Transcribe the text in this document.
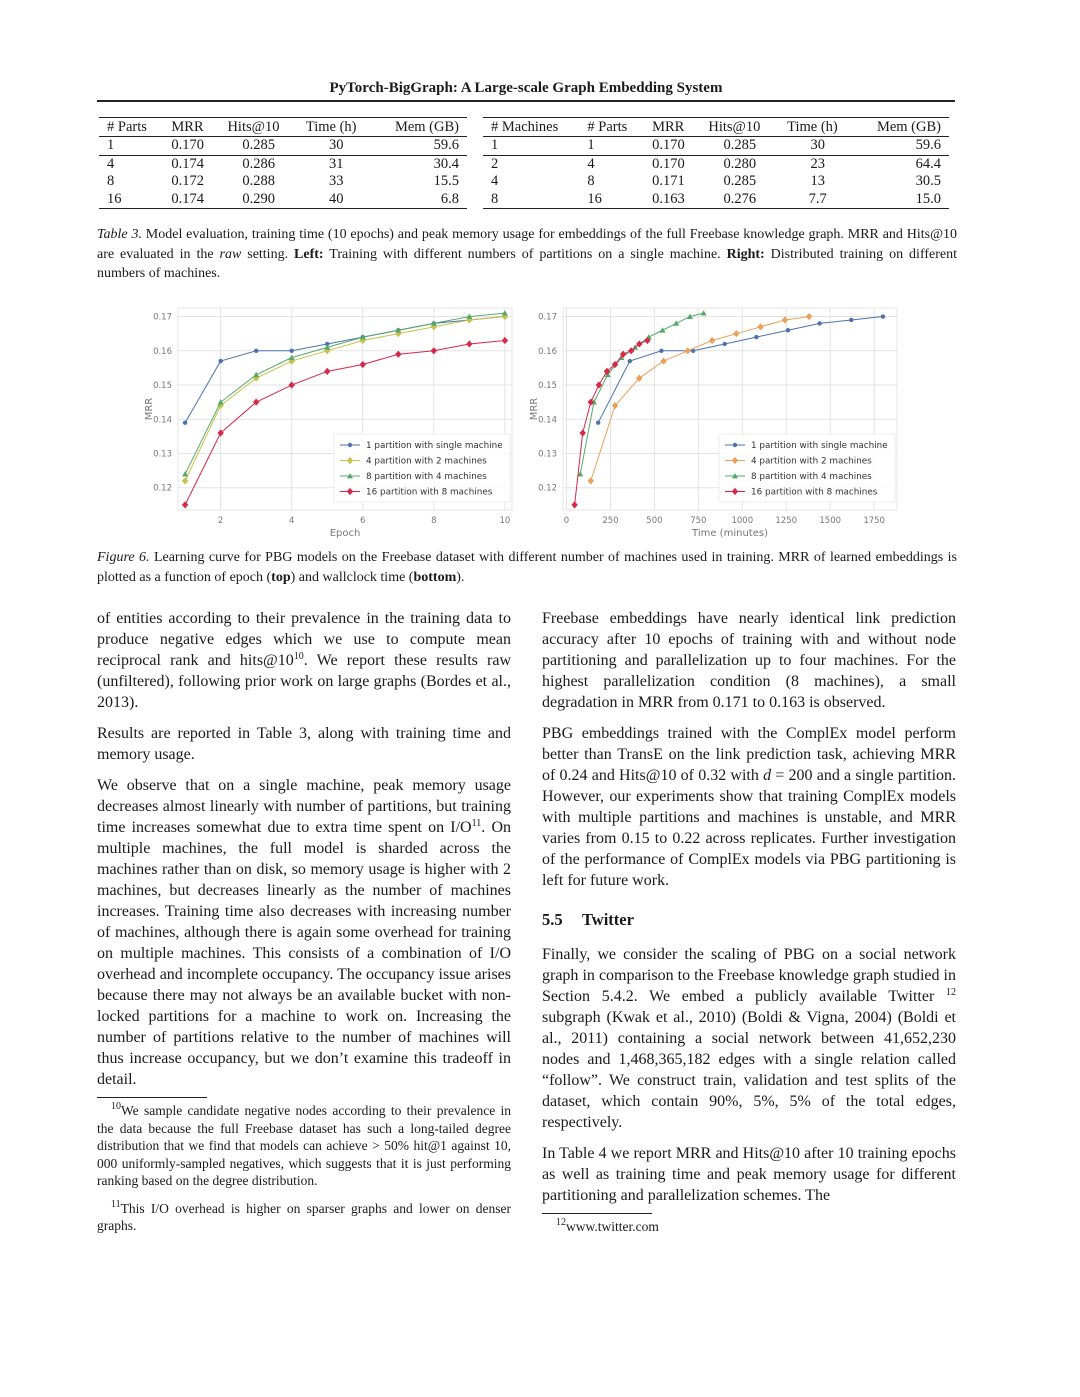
PyTorch-BigGraph: A Large-scale Graph Embedding System
# Parts	MRR	Hits@10	Time (h)	Mem (GB)
1	0.170	0.285	30	59.6
4	0.174	0.286	31	30.4
8	0.172	0.288	33	15.5
16	0.174	0.290	40	6.8
# Machines	# Parts	MRR	Hits@10	Time (h)	Mem (GB)
1	1	0.170	0.285	30	59.6
2	4	0.170	0.280	23	64.4
4	8	0.171	0.285	13	30.5
8	16	0.163	0.276	7.7	15.0
Table 3. Model evaluation, training time (10 epochs) and peak memory usage for embeddings of the full Freebase knowledge graph. MRR and Hits@10 are evaluated in the raw setting. Left: Training with different numbers of partitions on a single machine. Right: Distributed training on different numbers of machines.
2	4	6	8	10
0.12
0.13
0.14
0.15
0.16
0.17
Epoch
MRR
1 partition with single machine
4 partition with 2 machines
8 partition with 4 machines
16 partition with 8 machines
0	250	500	750	1000	1250	1500	1750
0.12
0.13
0.14
0.15
0.16
0.17
Time (minutes)
MRR
1 partition with single machine
4 partition with 2 machines
8 partition with 4 machines
16 partition with 8 machines
Figure 6. Learning curve for PBG models on the Freebase dataset with different number of machines used in training. MRR of learned embeddings is plotted as a function of epoch (top) and wallclock time (bottom).

of entities according to their prevalence in the training data to produce negative edges which we use to compute mean reciprocal rank and $hits@10^{10}$. We report these results raw (unfiltered), following prior work on large graphs (Bordes et al., 2013).

Results are reported in Table 3, along with training time and memory usage.

We observe that on a single machine, peak memory usage decreases almost linearly with number of partitions, but training time increases somewhat due to extra time spent on $I/O^{11}$. On multiple machines, the full model is sharded across the machines rather than on disk, so memory usage is higher with 2 machines, but decreases linearly as the number of machines increases. Training time also decreases with increasing number of machines, although there is again some overhead for training on multiple machines. This consists of a combination of I/O overhead and incomplete occupancy. The occupancy issue arises because there may not always be an available bucket with non-locked partitions for a machine to work on. Increasing the number of partitions relative to the number of machines will thus increase occupancy, but we don’t examine this tradeoff in detail.

$^{10}$We sample candidate negative nodes according to their prevalence in the data because the full Freebase dataset has such a long-tailed degree distribution that we find that models can achieve > 50% hit@1 against 10, 000 uniformly-sampled negatives, which suggests that it is just performing ranking based on the degree distribution.

$^{11}$This I/O overhead is higher on sparser graphs and lower on denser graphs.

Freebase embeddings have nearly identical link prediction accuracy after 10 epochs of training with and without node partitioning and parallelization up to four machines. For the highest parallelization condition (8 machines), a small degradation in MRR from 0.171 to 0.163 is observed.

PBG embeddings trained with the ComplEx model perform better than TransE on the link prediction task, achieving MRR of 0.24 and Hits@10 of 0.32 with d = 200 and a single partition. However, our experiments show that training ComplEx models with multiple partitions and machines is unstable, and MRR varies from 0.15 to 0.22 across replicates. Further investigation of the performance of ComplEx models via PBG partitioning is left for future work.

5.5 Twitter

Finally, we consider the scaling of PBG on a social network graph in comparison to the Freebase knowledge graph studied in Section 5.4.2. We embed a publicly available Twitter $^{12}$ subgraph (Kwak et al., 2010) (Boldi & Vigna, 2004) (Boldi et al., 2011) containing a social network between 41,652,230 nodes and 1,468,365,182 edges with a single relation called “follow”. We construct train, validation and test splits of the dataset, which contain 90%, 5%, 5% of the total edges, respectively.

In Table 4 we report MRR and Hits@10 after 10 training epochs as well as training time and peak memory usage for different partitioning and parallelization schemes. The

$^{12}$www.twitter.com
